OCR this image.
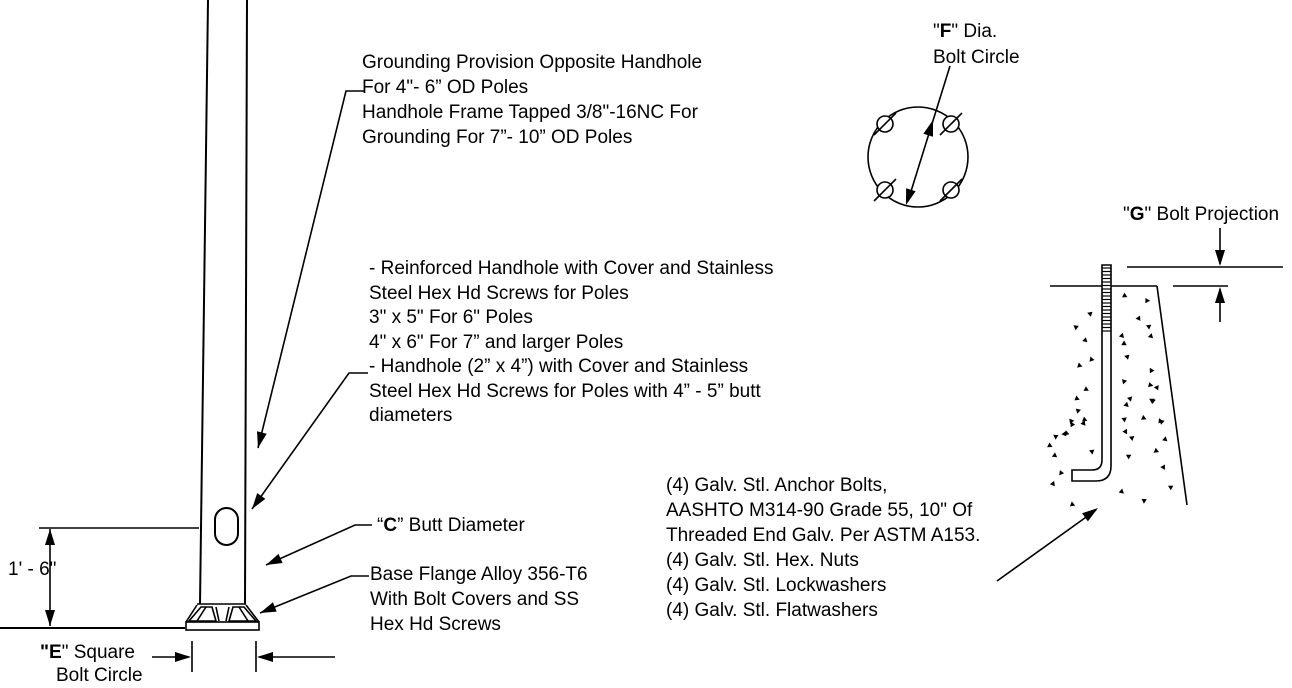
Grounding Provision Opposite Handhole
For 4"- 6” OD Poles
Handhole Frame Tapped 3/8"-16NC For
Grounding For 7”- 10” OD Poles
- Reinforced Handhole with Cover and Stainless
Steel Hex Hd Screws for Poles
3" x 5" For 6" Poles
4" x 6" For 7” and larger Poles
- Handhole (2” x 4”) with Cover and Stainless
Steel Hex Hd Screws for Poles with 4” - 5” butt
diameters
“C” Butt Diameter
Base Flange Alloy 356-T6
With Bolt Covers and SS
Hex Hd Screws
(4) Galv. Stl. Anchor Bolts,
AASHTO M314-90 Grade 55, 10" Of
Threaded End Galv. Per ASTM A153.
(4) Galv. Stl. Hex. Nuts
(4) Galv. Stl. Lockwashers
(4) Galv. Stl. Flatwashers
"F" Dia.
Bolt Circle
"G" Bolt Projection
1' - 6"
"E" Square
Bolt Circle
